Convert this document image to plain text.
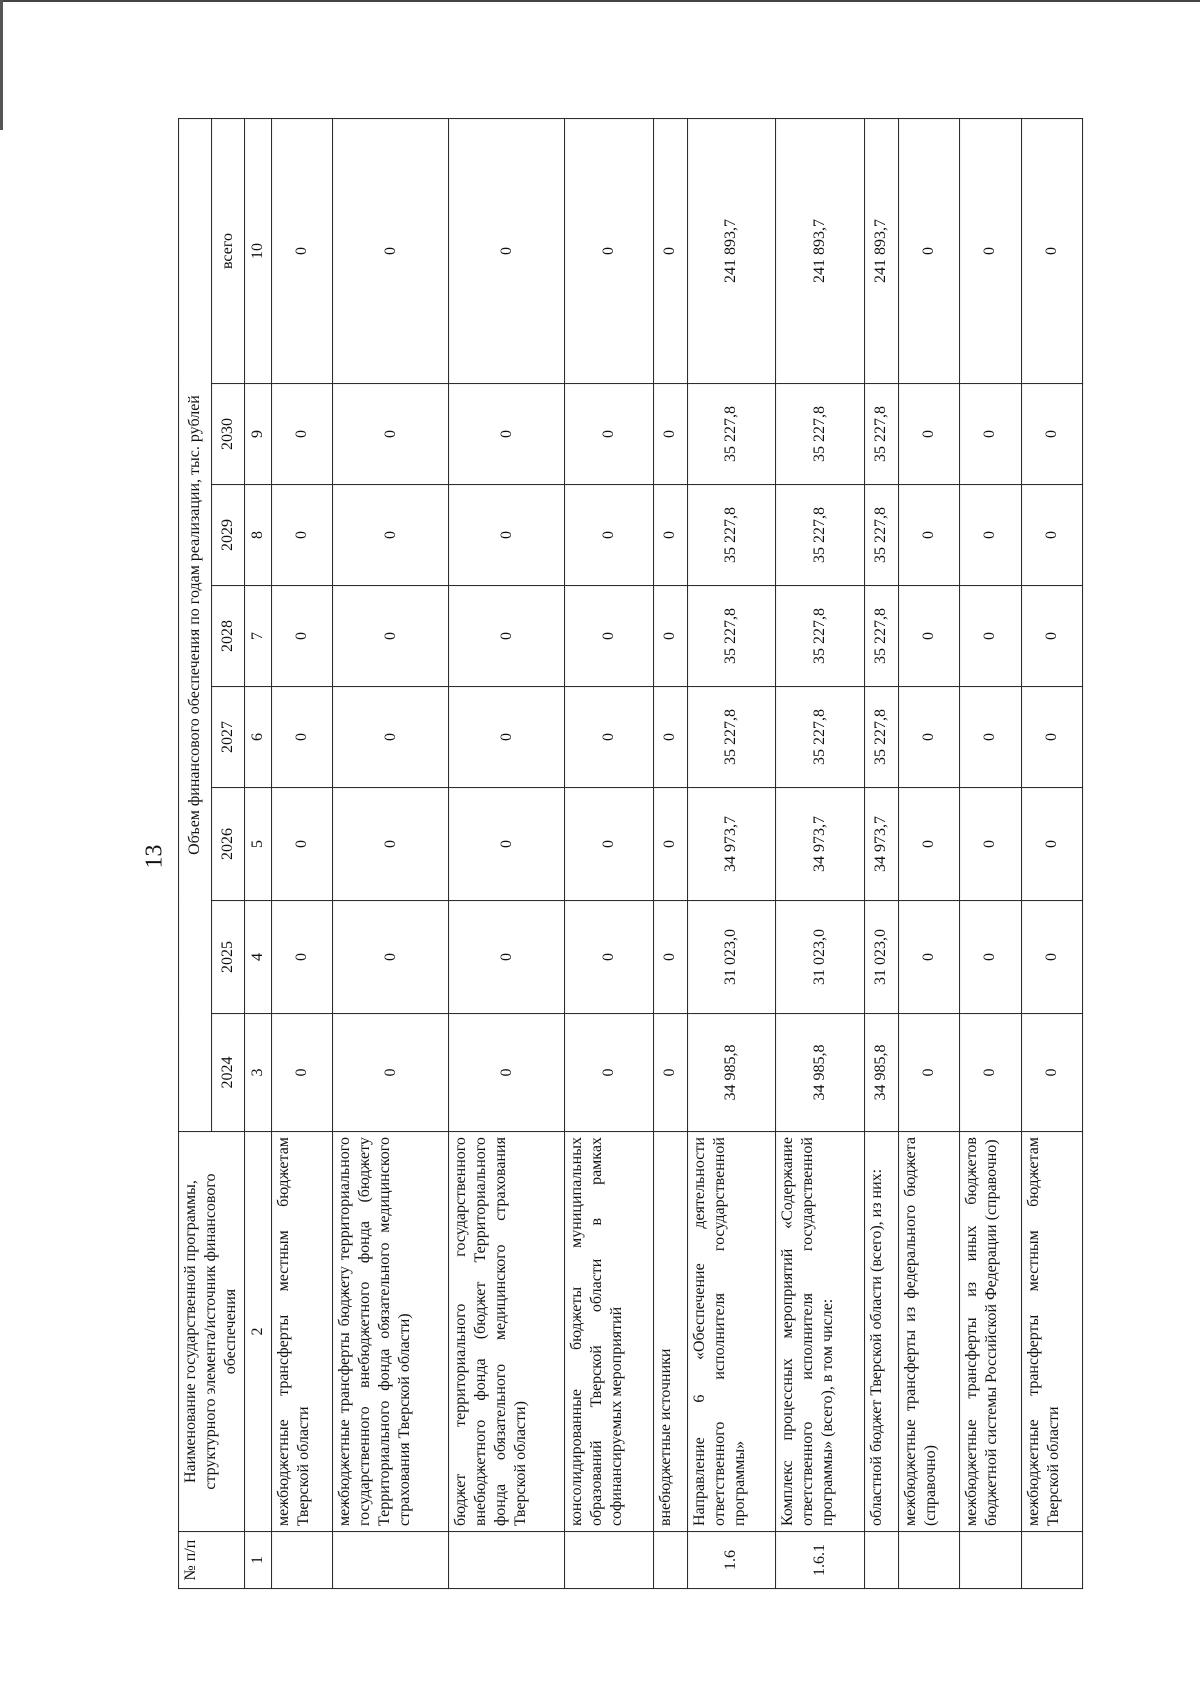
13
№ п/п	Наименование государственной программы, структурного элемента/источник финансового обеспечения	Объем финансового обеспечения по годам реализации, тыс. рублей							
		2024	2025	2026	2027	2028	2029	2030	всего
1	2	3	4	5	6	7	8	9	10
	межбюджетные трансферты местным бюджетам Тверской области	0	0	0	0	0	0	0	0
	межбюджетные трансферты бюджету территориального государственного внебюджетного фонда (бюджету Территориального фонда обязательного медицинского страхования Тверской области)	0	0	0	0	0	0	0	0
	бюджет территориального государственного внебюджетного фонда (бюджет Территориального фонда обязательного медицинского страхования Тверской области)	0	0	0	0	0	0	0	0
	консолидированные бюджеты муниципальных образований Тверской области в рамках софинансируемых мероприятий	0	0	0	0	0	0	0	0
	внебюджетные источники	0	0	0	0	0	0	0	0
1.6	Направление 6 «Обеспечение деятельности ответственного исполнителя государственной программы»	34 985,8	31 023,0	34 973,7	35 227,8	35 227,8	35 227,8	35 227,8	241 893,7
1.6.1	Комплекс процессных мероприятий «Содержание ответственного исполнителя государственной программы» (всего), в том числе:	34 985,8	31 023,0	34 973,7	35 227,8	35 227,8	35 227,8	35 227,8	241 893,7
	областной бюджет Тверской области (всего), из них:	34 985,8	31 023,0	34 973,7	35 227,8	35 227,8	35 227,8	35 227,8	241 893,7
	межбюджетные трансферты из федерального бюджета (справочно)	0	0	0	0	0	0	0	0
	межбюджетные трансферты из иных бюджетов бюджетной системы Российской Федерации (справочно)	0	0	0	0	0	0	0	0
	межбюджетные трансферты местным бюджетам Тверской области	0	0	0	0	0	0	0	0
